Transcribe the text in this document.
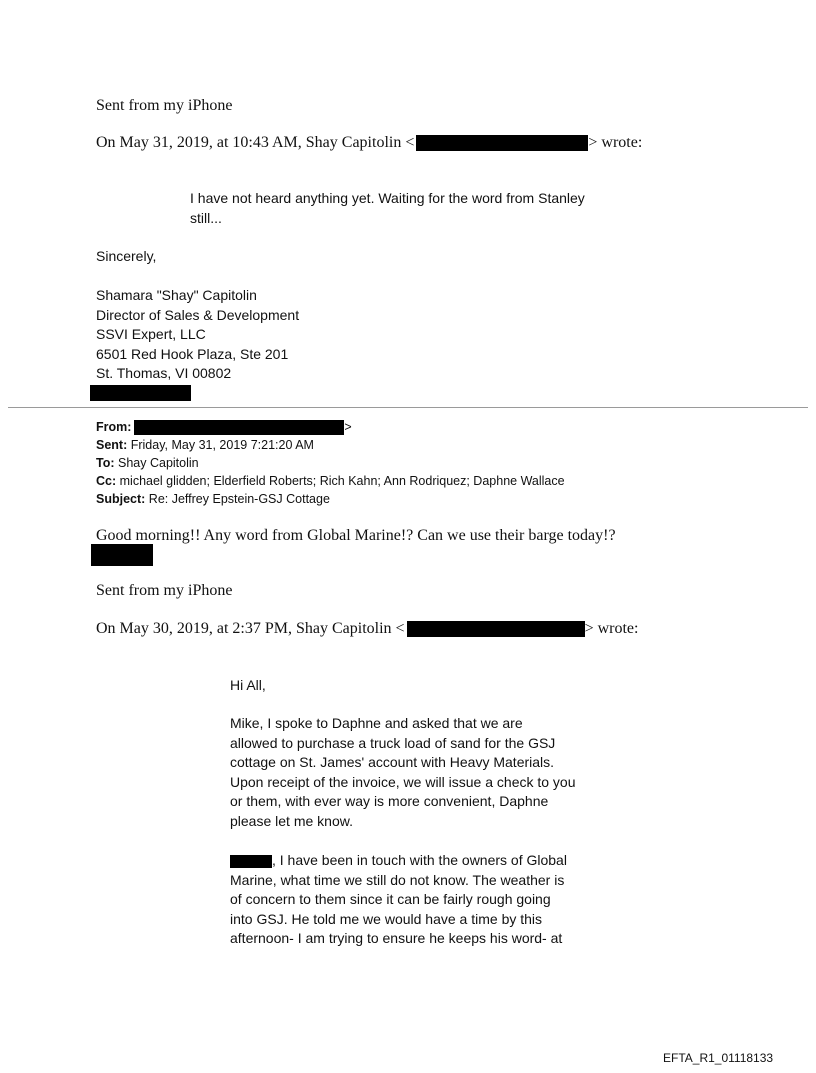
Sent from my iPhone
On May 31, 2019, at 10:43 AM, Shay Capitolin <	> wrote:
I have not heard anything yet. Waiting for the word from Stanley
still...
Sincerely,
Shamara "Shay" Capitolin
Director of Sales & Development
SSVI Expert, LLC
6501 Red Hook Plaza, Ste 201
St. Thomas, VI 00802
From:	>
Sent: Friday, May 31, 2019 7:21:20 AM
To: Shay Capitolin
Cc: michael glidden; Elderfield Roberts; Rich Kahn; Ann Rodriquez; Daphne Wallace
Subject: Re: Jeffrey Epstein-GSJ Cottage
Good morning!! Any word from Global Marine!? Can we use their barge today!?
Sent from my iPhone
On May 30, 2019, at 2:37 PM, Shay Capitolin <	> wrote:
Hi All,
Mike, I spoke to Daphne and asked that we are
allowed to purchase a truck load of sand for the GSJ
cottage on St. James' account with Heavy Materials.
Upon receipt of the invoice, we will issue a check to you
or them, with ever way is more convenient, Daphne
please let me know.
, I have been in touch with the owners of Global
Marine, what time we still do not know. The weather is
of concern to them since it can be fairly rough going
into GSJ. He told me we would have a time by this
afternoon- I am trying to ensure he keeps his word- at
EFTA_R1_01118133
